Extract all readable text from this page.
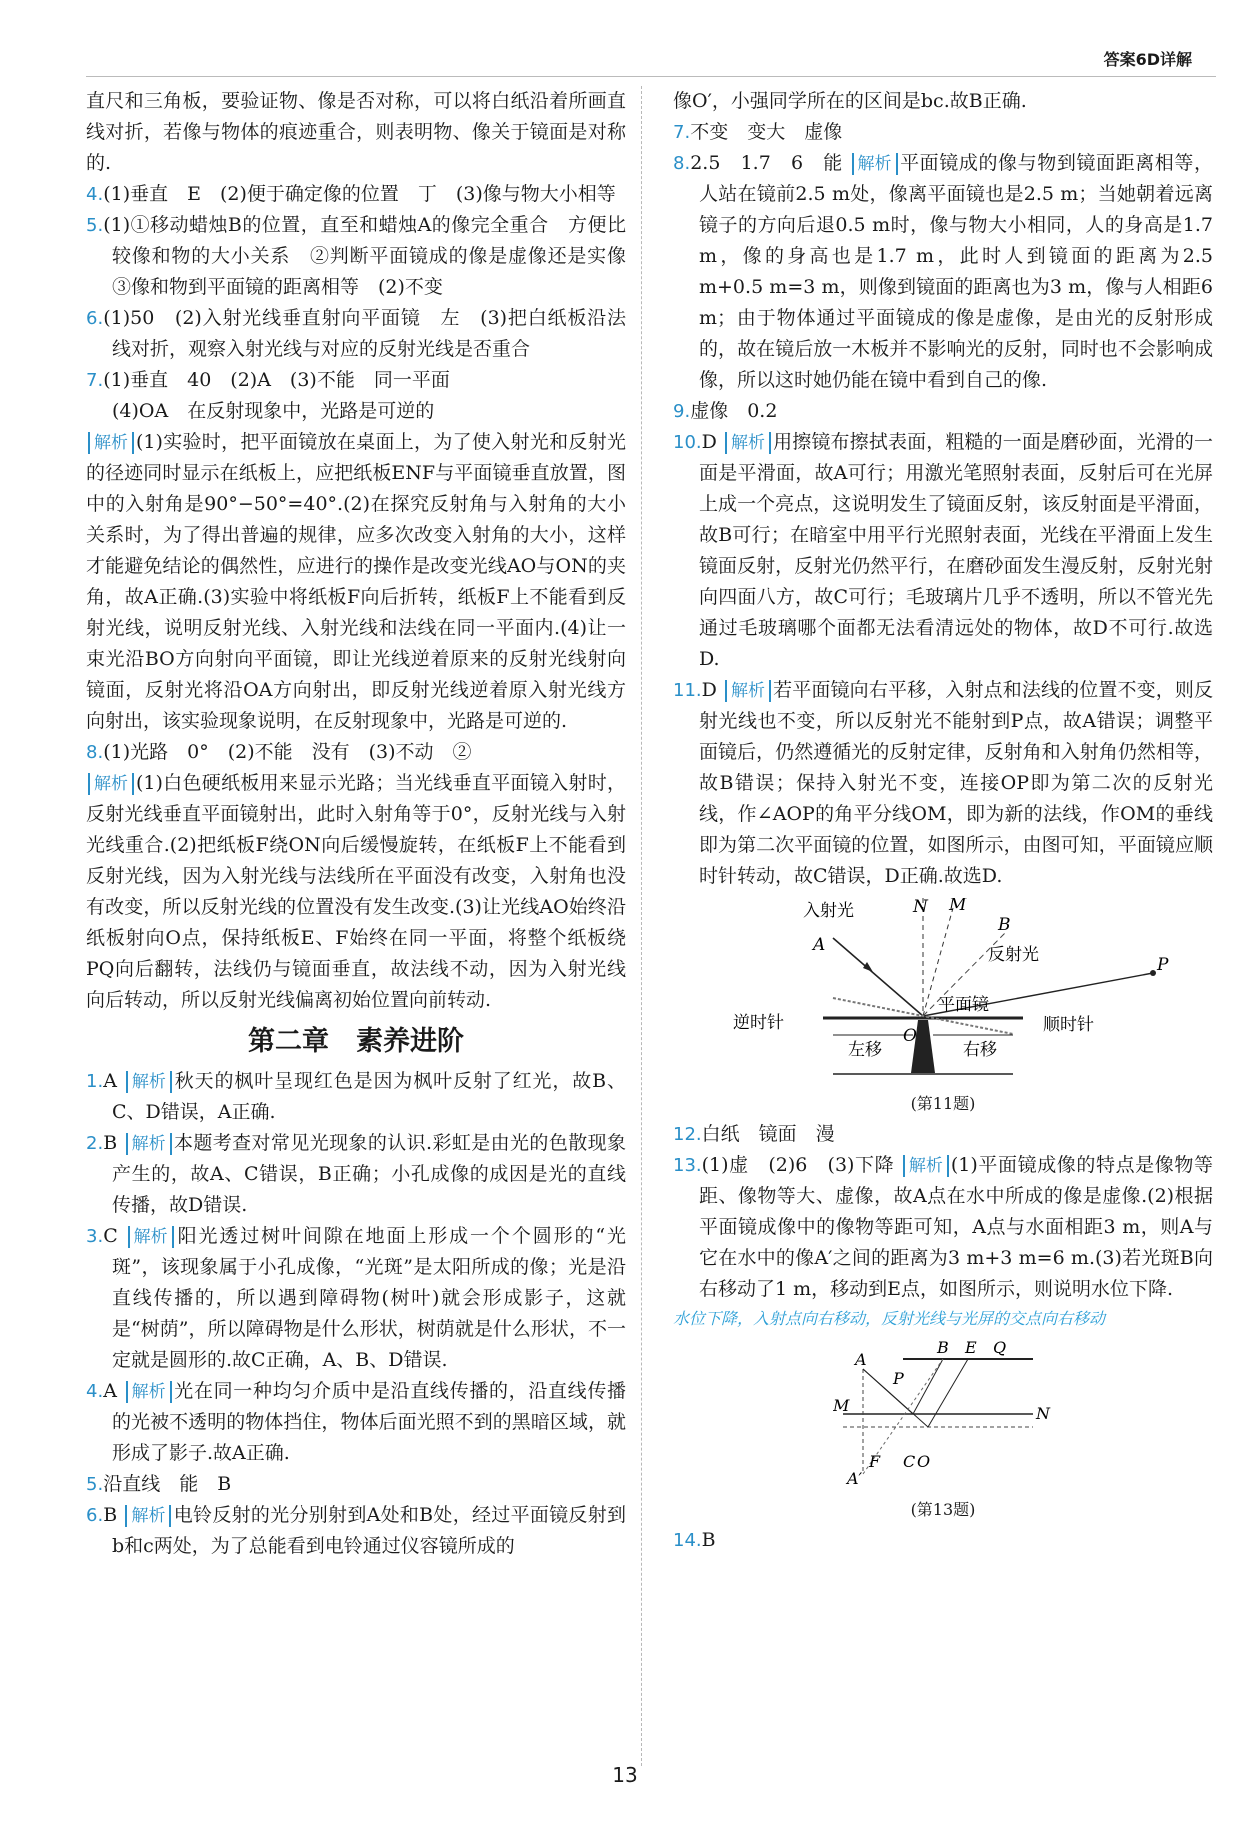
答案6D详解

直尺和三角板，要验证物、像是否对称，可以将白纸沿着所画直线对折，若像与物体的痕迹重合，则表明物、像关于镜面是对称的.

4.(1)垂直　E　(2)便于确定像的位置　丁　(3)像与物大小相等

5.(1)①移动蜡烛B的位置，直至和蜡烛A的像完全重合　方便比较像和物的大小关系　②判断平面镜成的像是虚像还是实像　③像和物到平面镜的距离相等　(2)不变

6.(1)50　(2)入射光线垂直射向平面镜　左　(3)把白纸板沿法线对折，观察入射光线与对应的反射光线是否重合

7.(1)垂直　40　(2)A　(3)不能　同一平面

(4)OA　在反射现象中，光路是可逆的

解析 (1)实验时，把平面镜放在桌面上，为了使入射光和反射光的径迹同时显示在纸板上，应把纸板ENF与平面镜垂直放置，图中的入射角是90°−50°=40°.(2)在探究反射角与入射角的大小关系时，为了得出普遍的规律，应多次改变入射角的大小，这样才能避免结论的偶然性，应进行的操作是改变光线AO与ON的夹角，故A正确.(3)实验中将纸板F向后折转，纸板F上不能看到反射光线，说明反射光线、入射光线和法线在同一平面内.(4)让一束光沿BO方向射向平面镜，即让光线逆着原来的反射光线射向镜面，反射光将沿OA方向射出，即反射光线逆着原入射光线方向射出，该实验现象说明，在反射现象中，光路是可逆的.

8.(1)光路　0°　(2)不能　没有　(3)不动　②

解析 (1)白色硬纸板用来显示光路；当光线垂直平面镜入射时，反射光线垂直平面镜射出，此时入射角等于0°，反射光线与入射光线重合.(2)把纸板F绕ON向后缓慢旋转，在纸板F上不能看到反射光线，因为入射光线与法线所在平面没有改变，入射角也没有改变，所以反射光线的位置没有发生改变.(3)让光线AO始终沿纸板射向O点，保持纸板E、F始终在同一平面，将整个纸板绕PQ向后翻转，法线仍与镜面垂直，故法线不动，因为入射光线向后转动，所以反射光线偏离初始位置向前转动.

第二章　素养进阶

1.A 解析 秋天的枫叶呈现红色是因为枫叶反射了红光，故B、C、D错误，A正确.

2.B 解析 本题考查对常见光现象的认识.彩虹是由光的色散现象产生的，故A、C错误，B正确；小孔成像的成因是光的直线传播，故D错误.

3.C 解析 阳光透过树叶间隙在地面上形成一个个圆形的“光斑”，该现象属于小孔成像，“光斑”是太阳所成的像；光是沿直线传播的，所以遇到障碍物(树叶)就会形成影子，这就是“树荫”，所以障碍物是什么形状，树荫就是什么形状，不一定就是圆形的.故C正确，A、B、D错误.

4.A 解析 光在同一种均匀介质中是沿直线传播的，沿直线传播的光被不透明的物体挡住，物体后面光照不到的黑暗区域，就形成了影子.故A正确.

5.沿直线　能　B

6.B 解析 电铃反射的光分别射到A处和B处，经过平面镜反射到b和c两处，为了总能看到电铃通过仪容镜所成的

像O′，小强同学所在的区间是bc.故B正确.

7.不变　变大　虚像

8.2.5　1.7　6　能 解析 平面镜成的像与物到镜面距离相等，人站在镜前2.5 m处，像离平面镜也是2.5 m；当她朝着远离镜子的方向后退0.5 m时，像与物大小相同，人的身高是1.7 m，像的身高也是1.7 m，此时人到镜面的距离为2.5 m+0.5 m=3 m，则像到镜面的距离也为3 m，像与人相距6 m；由于物体通过平面镜成的像是虚像，是由光的反射形成的，故在镜后放一木板并不影响光的反射，同时也不会影响成像，所以这时她仍能在镜中看到自己的像.

9.虚像　0.2

10.D 解析 用擦镜布擦拭表面，粗糙的一面是磨砂面，光滑的一面是平滑面，故A可行；用激光笔照射表面，反射后可在光屏上成一个亮点，这说明发生了镜面反射，该反射面是平滑面，故B可行；在暗室中用平行光照射表面，光线在平滑面上发生镜面反射，反射光仍然平行，在磨砂面发生漫反射，反射光射向四面八方，故C可行；毛玻璃片几乎不透明，所以不管光先通过毛玻璃哪个面都无法看清远处的物体，故D不可行.故选D.

11.D 解析 若平面镜向右平移，入射点和法线的位置不变，则反射光线也不变，所以反射光不能射到P点，故A错误；调整平面镜后，仍然遵循光的反射定律，反射角和入射角仍然相等，故B错误；保持入射光不变，连接OP即为第二次的反射光线，作∠AOP的角平分线OM，即为新的法线，作OM的垂线即为第二次平面镜的位置，如图所示，由图可知，平面镜应顺时针转动，故C错误，D正确.故选D.

入射光
A
N M
B
反射光	P
平面镜
逆时针	顺时针
O
左移	右移
(第11题)

12.白纸　镜面　漫

13.(1)虚　(2)6　(3)下降 解析 (1)平面镜成像的特点是像物等距、像物等大、虚像，故A点在水中所成的像是虚像.(2)根据平面镜成像中的像物等距可知，A点与水面相距3 m，则A与它在水中的像A′之间的距离为3 m+3 m=6 m.(3)若光斑B向右移动了1 m，移动到E点，如图所示，则说明水位下降.

水位下降，入射点向右移动，反射光线与光屏的交点向右移动

A
B E Q
P
M	N
F C O
A′
(第13题)

14.B

13
